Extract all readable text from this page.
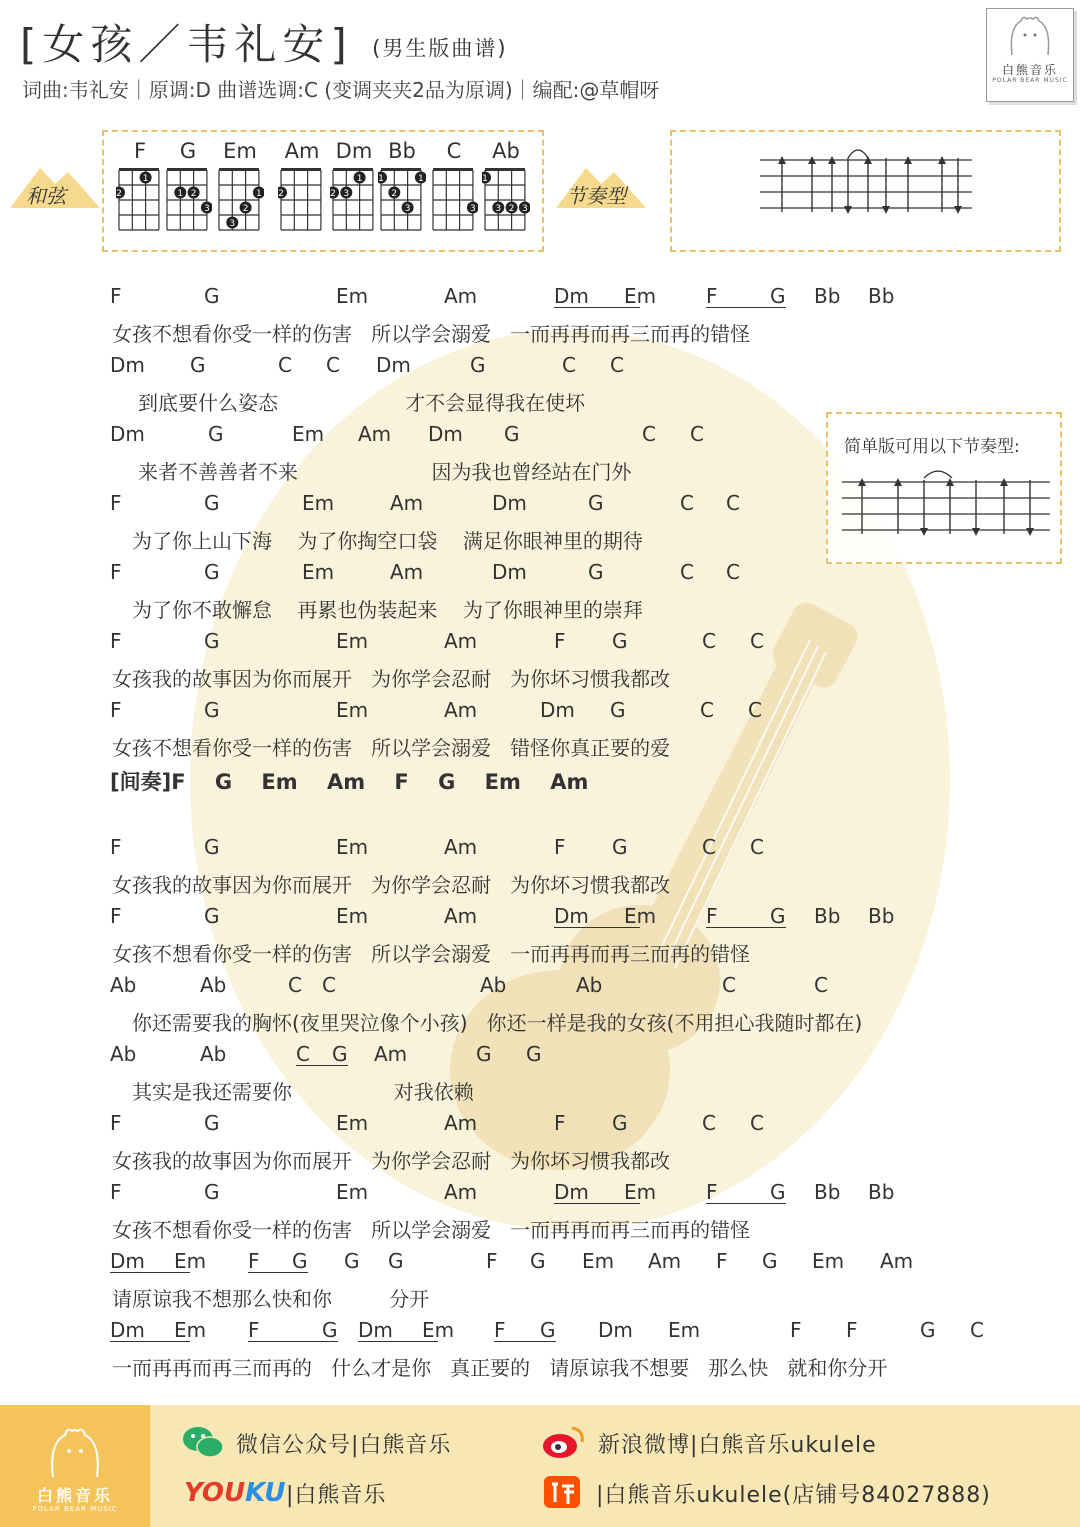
[女孩／韦礼安] (男生版曲谱)
词曲:韦礼安｜原调:D 曲谱选调:C (变调夹夹2品为原调)｜编配:@草帽呀
白熊音乐
POLAR BEAR MUSIC
和弦
F
2
1
G
1 2
3
Em
3
2
1
Am
2
Dm
2 3
1
Bb
1
2
3
1
C
3
Ab
1
3 2 3
节奏型
简单版可用以下节奏型:
F	G	Em	Am	Dm Em F	G Bb Bb
女孩不想看你受一样的伤害   所以学会溺爱   一而再再而再三而再的错怪
Dm G	C C Dm	G	C C
到底要什么姿态                    才不会显得我在使坏
Dm	G	Em Am Dm G	C C
来者不善善者不来                     因为我也曾经站在门外
F	G	Em	Am	Dm	G	C C
为了你上山下海    为了你掏空口袋    满足你眼神里的期待
F	G	Em	Am	Dm	G	C C
为了你不敢懈怠    再累也伪装起来    为了你眼神里的崇拜
F	G	Em	Am	F G	C C
女孩我的故事因为你而展开   为你学会忍耐   为你坏习惯我都改
F	G	Em	Am	Dm G	C C
女孩不想看你受一样的伤害   所以学会溺爱   错怪你真正要的爱
F	G	Em	Am	F G	C C
女孩我的故事因为你而展开   为你学会忍耐   为你坏习惯我都改
F	G	Em	Am	Dm Em F	G Bb Bb
女孩不想看你受一样的伤害   所以学会溺爱   一而再再而再三而再的错怪
Ab	Ab	C C	Ab	Ab	C	C
你还需要我的胸怀(夜里哭泣像个小孩)   你还一样是我的女孩(不用担心我随时都在)
Ab	Ab	C G Am	G G
其实是我还需要你                对我依赖
F	G	Em	Am	F G	C C
女孩我的故事因为你而展开   为你学会忍耐   为你坏习惯我都改
F	G	Em	Am	Dm Em F	G Bb Bb
女孩不想看你受一样的伤害   所以学会溺爱   一而再再而再三而再的错怪
Dm Em F G G G	F G Em Am F G Em Am
请原谅我不想那么快和你         分开
Dm Em F	G Dm Em F G Dm Em	F F	G C
一而再再而再三而再的   什么才是你   真正要的   请原谅我不想要   那么快   就和你分开
[间奏]F G Em Am F G Em Am
白熊音乐
POLAR BEAR MUSIC
微信公众号|白熊音乐	新浪微博|白熊音乐ukulele
YOUKU |白熊音乐	|白熊音乐ukulele(店铺号84027888)
